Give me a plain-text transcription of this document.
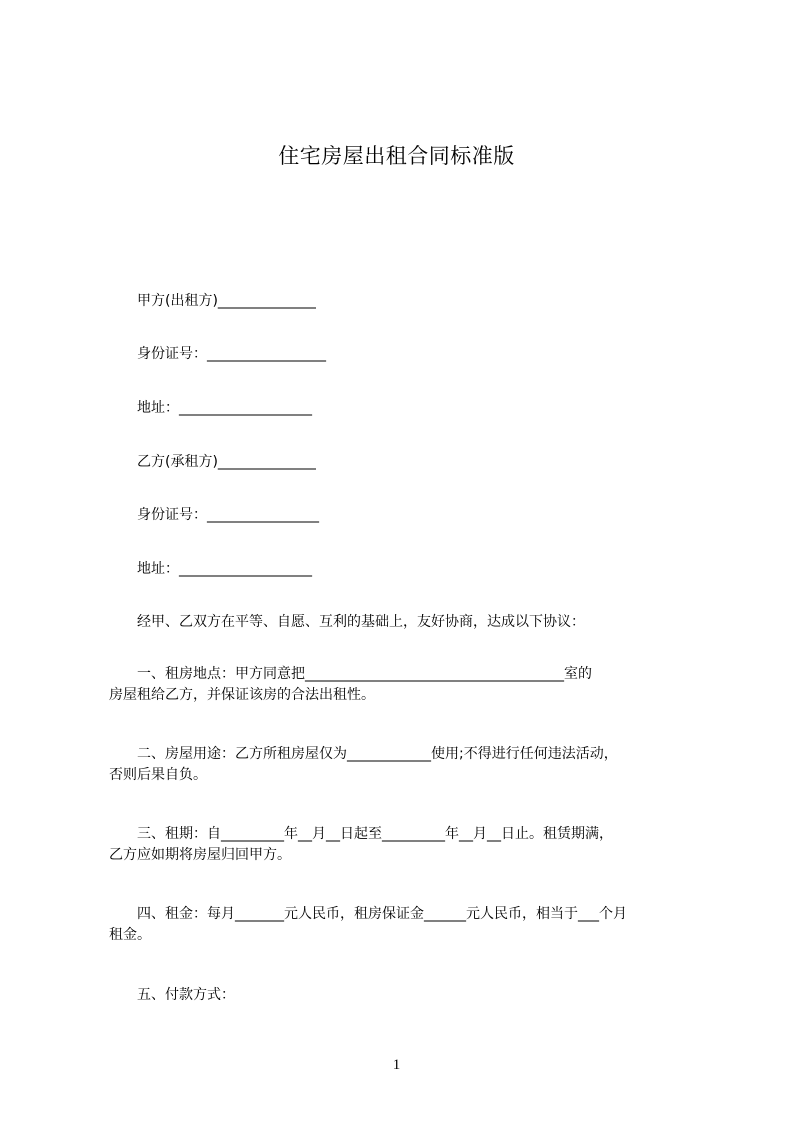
住宅房屋出租合同标准版
甲方(出租方)______________
身份证号：_________________
地址：___________________
乙方(承租方)______________
身份证号：________________
地址：___________________
经甲、乙双方在平等、自愿、互利的基础上，友好协商，达成以下协议：
一、租房地点：甲方同意把_____________________________________室的
房屋租给乙方，并保证该房的合法出租性。
二、房屋用途：乙方所租房屋仅为____________使用;不得进行任何违法活动，
否则后果自负。
三、租期：自_________年__月__日起至_________年__月__日止。租赁期满，
乙方应如期将房屋归回甲方。
四、租金：每月_______元人民币，租房保证金______元人民币，相当于___个月
租金。
五、付款方式：
1
